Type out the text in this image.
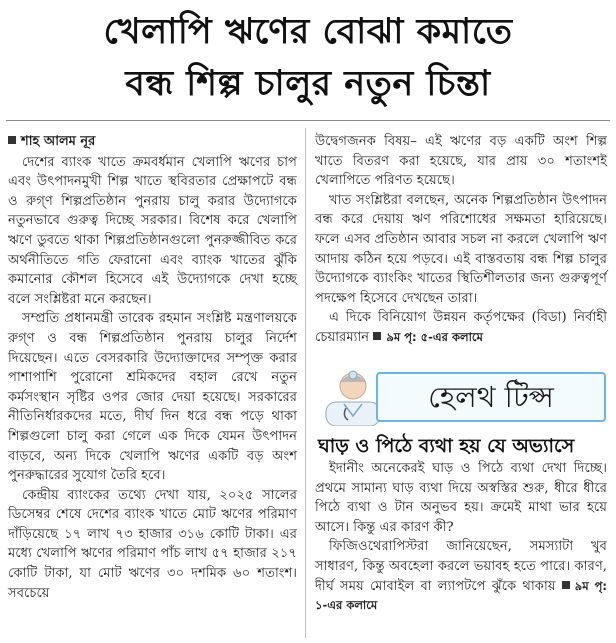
খেলাপি ঋণের বোঝা কমাতে
বন্ধ শিল্প চালুর নতুন চিন্তা
শাহ আলম নূর

দেশের ব্যাংক খাতে ক্রমবর্ধমান খেলাপি ঋণের চাপ এবং উৎপাদনমুখী শিল্প খাতে স্থবিরতার প্রেক্ষাপটে বন্ধ ও রুগ্ণ শিল্পপ্রতিষ্ঠান পুনরায় চালু করার উদ্যোগকে নতুনভাবে গুরুত্ব দিচ্ছে সরকার। বিশেষ করে খেলাপি ঋণে ডুবতে থাকা শিল্পপ্রতিষ্ঠানগুলো পুনরুজ্জীবিত করে অর্থনীতিতে গতি ফেরানো এবং ব্যাংক খাতের ঝুঁকি কমানোর কৌশল হিসেবে এই উদ্যোগকে দেখা হচ্ছে বলে সংশ্লিষ্টরা মনে করছেন।

সম্প্রতি প্রধানমন্ত্রী তারেক রহমান সংশ্লিষ্ট মন্ত্রণালয়কে রুগ্ণ ও বন্ধ শিল্পপ্রতিষ্ঠান পুনরায় চালুর নির্দেশ দিয়েছেন। এতে বেসরকারি উদ্যোক্তাদের সম্পৃক্ত করার পাশাপাশি পুরোনো শ্রমিকদের বহাল রেখে নতুন কর্মসংস্থান সৃষ্টির ওপর জোর দেয়া হয়েছে। সরকারের নীতিনির্ধারকদের মতে, দীর্ঘ দিন ধরে বন্ধ পড়ে থাকা শিল্পগুলো চালু করা গেলে এক দিকে যেমন উৎপাদন বাড়বে, অন্য দিকে খেলাপি ঋণের একটি বড় অংশ পুনরুদ্ধারের সুযোগ তৈরি হবে।

কেন্দ্রীয় ব্যাংকের তথ্যে দেখা যায়, ২০২৫ সালের ডিসেম্বর শেষে দেশের ব্যাংক খাতে মোট ঋণের পরিমাণ দাঁড়িয়েছে ১৭ লাখ ৭৩ হাজার ৩১৬ কোটি টাকা। এর মধ্যে খেলাপি ঋণের পরিমাণ পাঁচ লাখ ৫৭ হাজার ২১৭ কোটি টাকা, যা মোট ঋণের ৩০ দশমিক ৬০ শতাংশ। সবচেয়ে

উদ্বেগজনক বিষয়– এই ঋণের বড় একটি অংশ শিল্প খাতে বিতরণ করা হয়েছে, যার প্রায় ৩০ শতাংশই খেলাপিতে পরিণত হয়েছে।

খাত সংশ্লিষ্টরা বলছেন, অনেক শিল্পপ্রতিষ্ঠান উৎপাদন বন্ধ করে দেয়ায় ঋণ পরিশোধের সক্ষমতা হারিয়েছে। ফলে এসব প্রতিষ্ঠান আবার সচল না করলে খেলাপি ঋণ আদায় কঠিন হয়ে পড়বে। এই বাস্তবতায় বন্ধ শিল্প চালুর উদ্যোগকে ব্যাংকিং খাতের স্থিতিশীলতার জন্য গুরুত্বপূর্ণ পদক্ষেপ হিসেবে দেখছেন তারা।

এ দিকে বিনিয়োগ উন্নয়ন কর্তৃপক্ষের (বিডা) নির্বাহী চেয়ারম্যান ৯ম পৃ: ৫-এর কলামে

হেলথ টিপ্স
ঘাড় ও পিঠে ব্যথা হয় যে অভ্যাসে

ইদানীং অনেকেরই ঘাড় ও পিঠে ব্যথা দেখা দিচ্ছে। প্রথমে সামান্য ঘাড় ব্যথা দিয়ে অস্বস্তির শুরু, ধীরে ধীরে পিঠে ব্যথা ও টান অনুভব হয়। ক্রমেই মাথা ভার হয়ে আসে। কিন্তু এর কারণ কী?

ফিজিওথেরাপিস্টরা জানিয়েছেন, সমস্যাটা খুব সাধারণ, কিন্তু অবহেলা করলে ভয়াবহ হতে পারে। কারণ, দীর্ঘ সময় মোবাইল বা ল্যাপটপে ঝুঁকে থাকায় ৯ম পৃ: ১-এর কলামে
